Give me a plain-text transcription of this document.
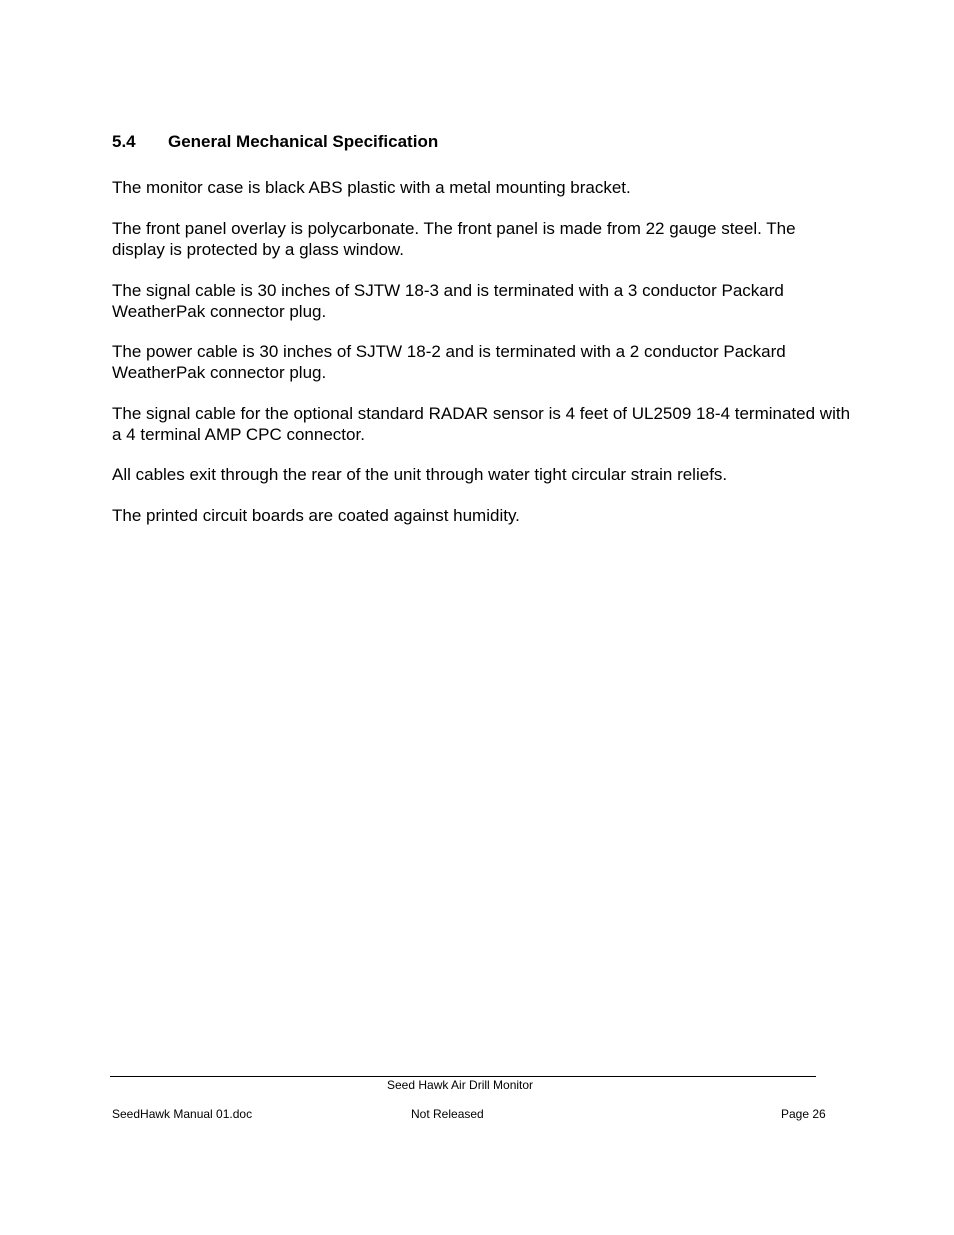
5.4 General Mechanical Specification

The monitor case is black ABS plastic with a metal mounting bracket.

The front panel overlay is polycarbonate. The front panel is made from 22 gauge steel. The display is protected by a glass window.

The signal cable is 30 inches of SJTW 18-3 and is terminated with a 3 conductor Packard WeatherPak connector plug.

The power cable is 30 inches of SJTW 18-2 and is terminated with a 2 conductor Packard WeatherPak connector plug.

The signal cable for the optional standard RADAR sensor is 4 feet of UL2509 18-4 terminated with a 4 terminal AMP CPC connector.

All cables exit through the rear of the unit through water tight circular strain reliefs.

The printed circuit boards are coated against humidity.

Seed Hawk Air Drill Monitor
SeedHawk Manual 01.doc	Not Released	Page 26
